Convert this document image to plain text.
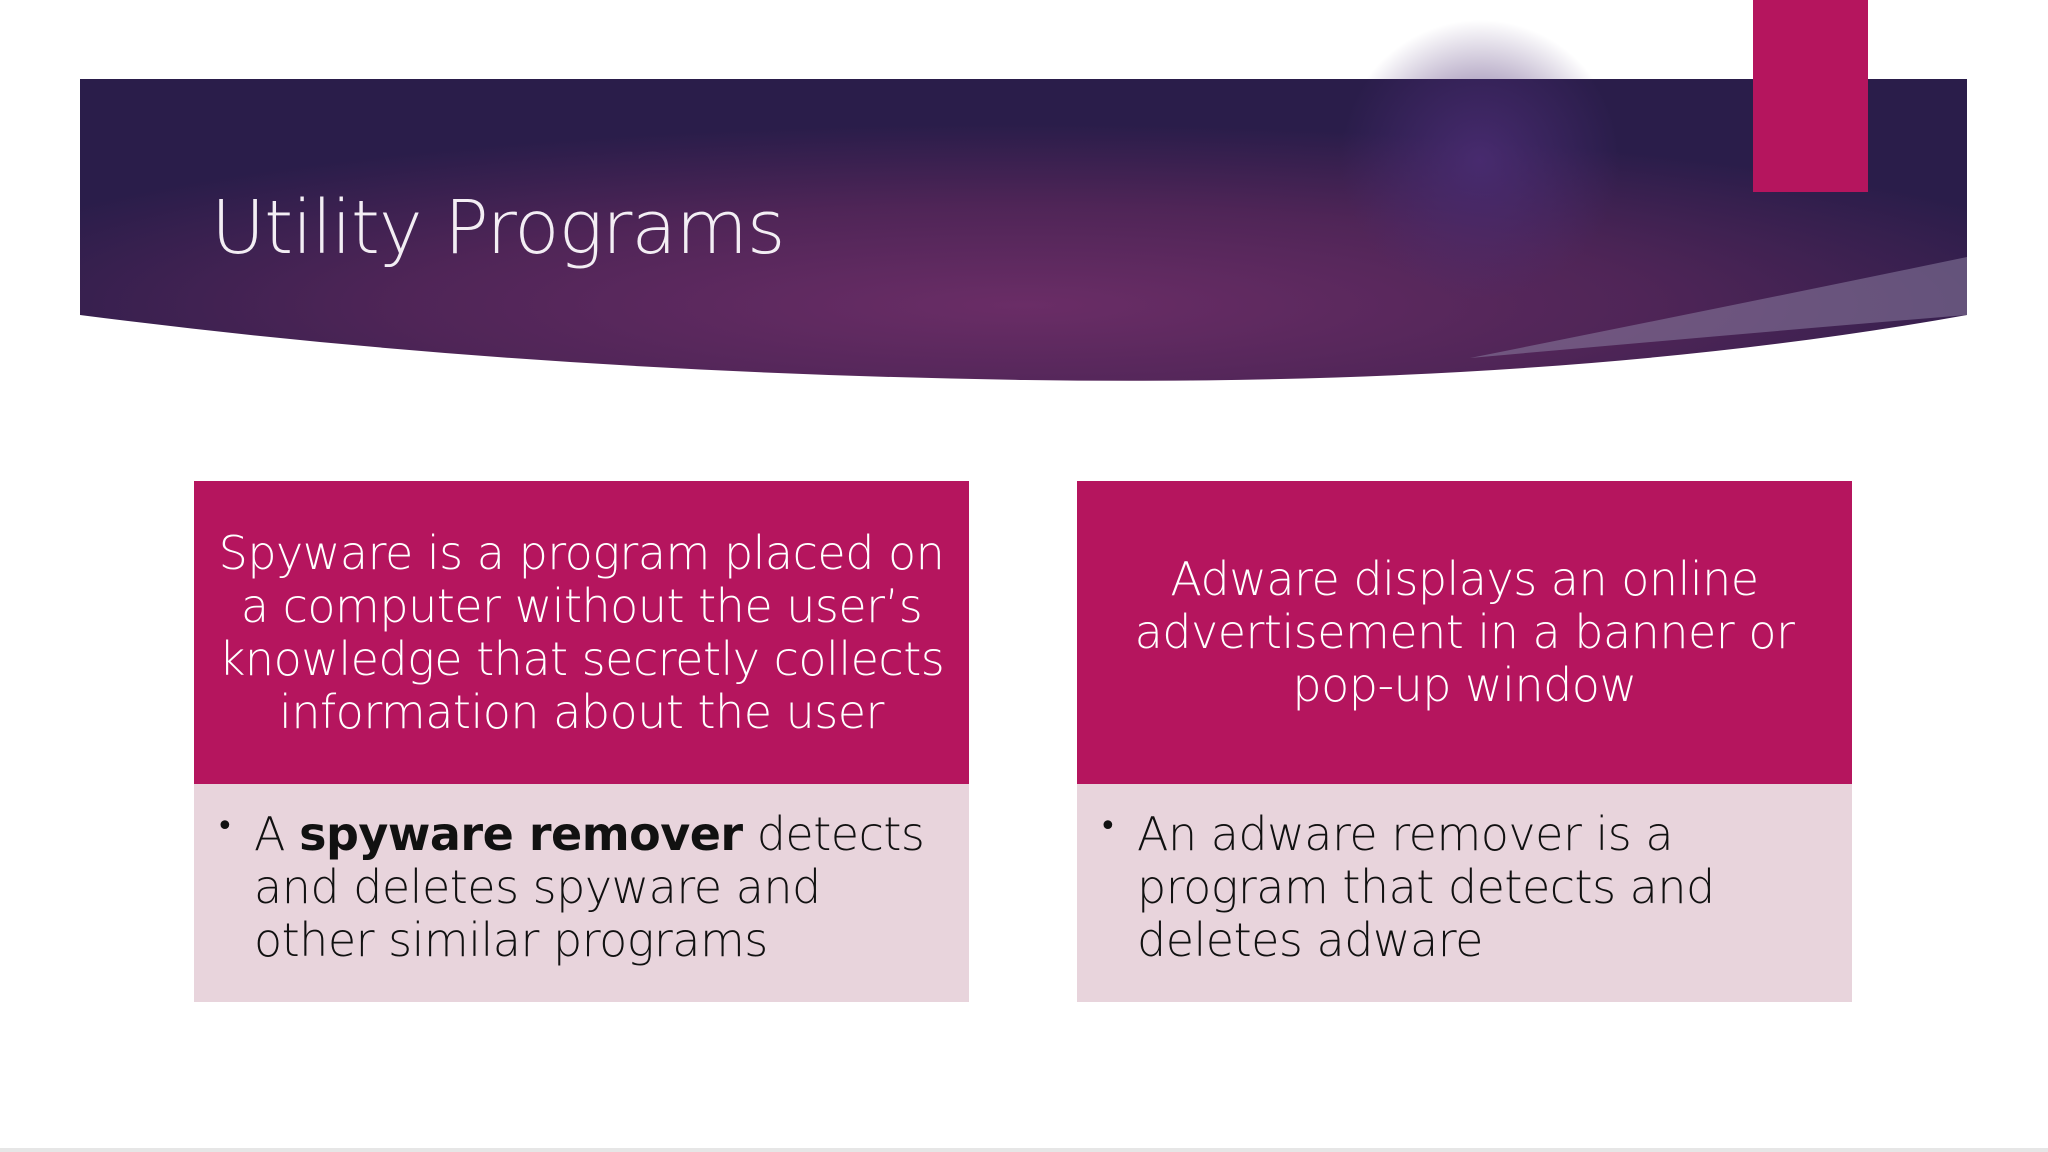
Utility Programs

Spyware is a program placed on a computer without the user’s knowledge that secretly collects information about the user

• A spyware remover detects and deletes spyware and other similar programs

Adware displays an online advertisement in a banner or pop-up window

• An adware remover is a program that detects and deletes adware
